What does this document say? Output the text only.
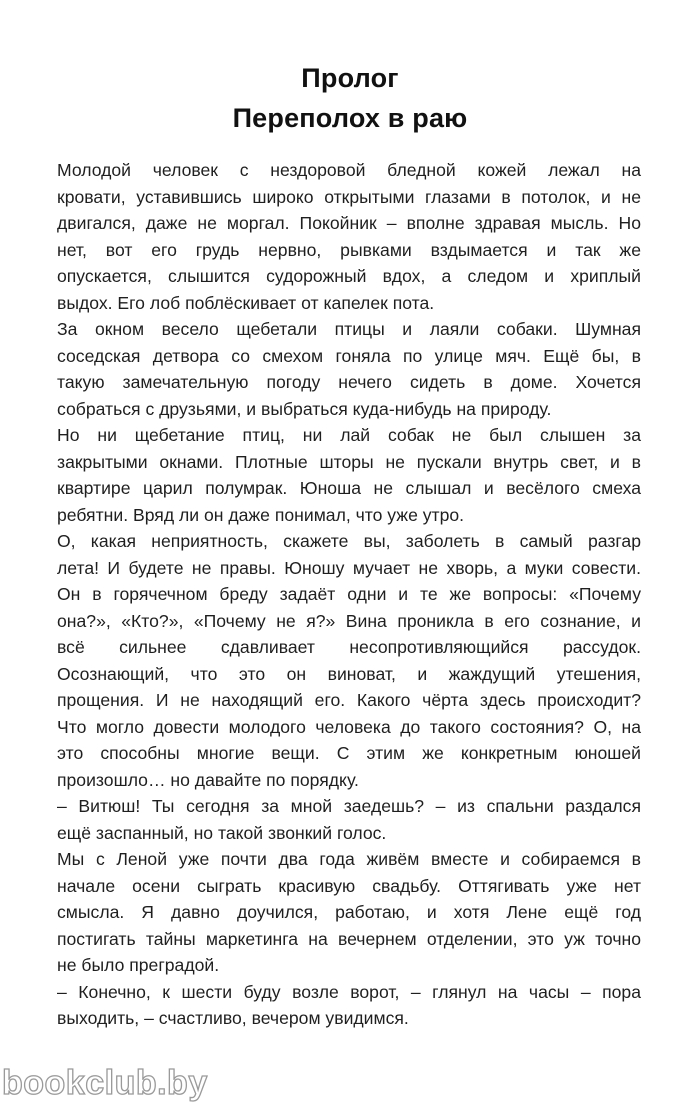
Пролог
Переполох в раю

Молодой человек с нездоровой бледной кожей лежал на
кровати, уставившись широко открытыми глазами в потолок, и не
двигался, даже не моргал. Покойник – вполне здравая мысль. Но
нет, вот его грудь нервно, рывками вздымается и так же
опускается, слышится судорожный вдох, а следом и хриплый
выдох. Его лоб поблёскивает от капелек пота.

За окном весело щебетали птицы и лаяли собаки. Шумная
соседская детвора со смехом гоняла по улице мяч. Ещё бы, в
такую замечательную погоду нечего сидеть в доме. Хочется
собраться с друзьями, и выбраться куда-нибудь на природу.

Но ни щебетание птиц, ни лай собак не был слышен за
закрытыми окнами. Плотные шторы не пускали внутрь свет, и в
квартире царил полумрак. Юноша не слышал и весёлого смеха
ребятни. Вряд ли он даже понимал, что уже утро.

О, какая неприятность, скажете вы, заболеть в самый разгар
лета! И будете не правы. Юношу мучает не хворь, а муки совести.
Он в горячечном бреду задаёт одни и те же вопросы: «Почему
она?», «Кто?», «Почему не я?» Вина проникла в его сознание, и
всё сильнее сдавливает несопротивляющийся рассудок.
Осознающий, что это он виноват, и жаждущий утешения,
прощения. И не находящий его. Какого чёрта здесь происходит?
Что могло довести молодого человека до такого состояния? О, на
это способны многие вещи. С этим же конкретным юношей
произошло… но давайте по порядку.

– Витюш! Ты сегодня за мной заедешь? – из спальни раздался
ещё заспанный, но такой звонкий голос.

Мы с Леной уже почти два года живём вместе и собираемся в
начале осени сыграть красивую свадьбу. Оттягивать уже нет
смысла. Я давно доучился, работаю, и хотя Лене ещё год
постигать тайны маркетинга на вечернем отделении, это уж точно
не было преградой.

– Конечно, к шести буду возле ворот, – глянул на часы – пора
выходить, – счастливо, вечером увидимся.

bookclub.by
